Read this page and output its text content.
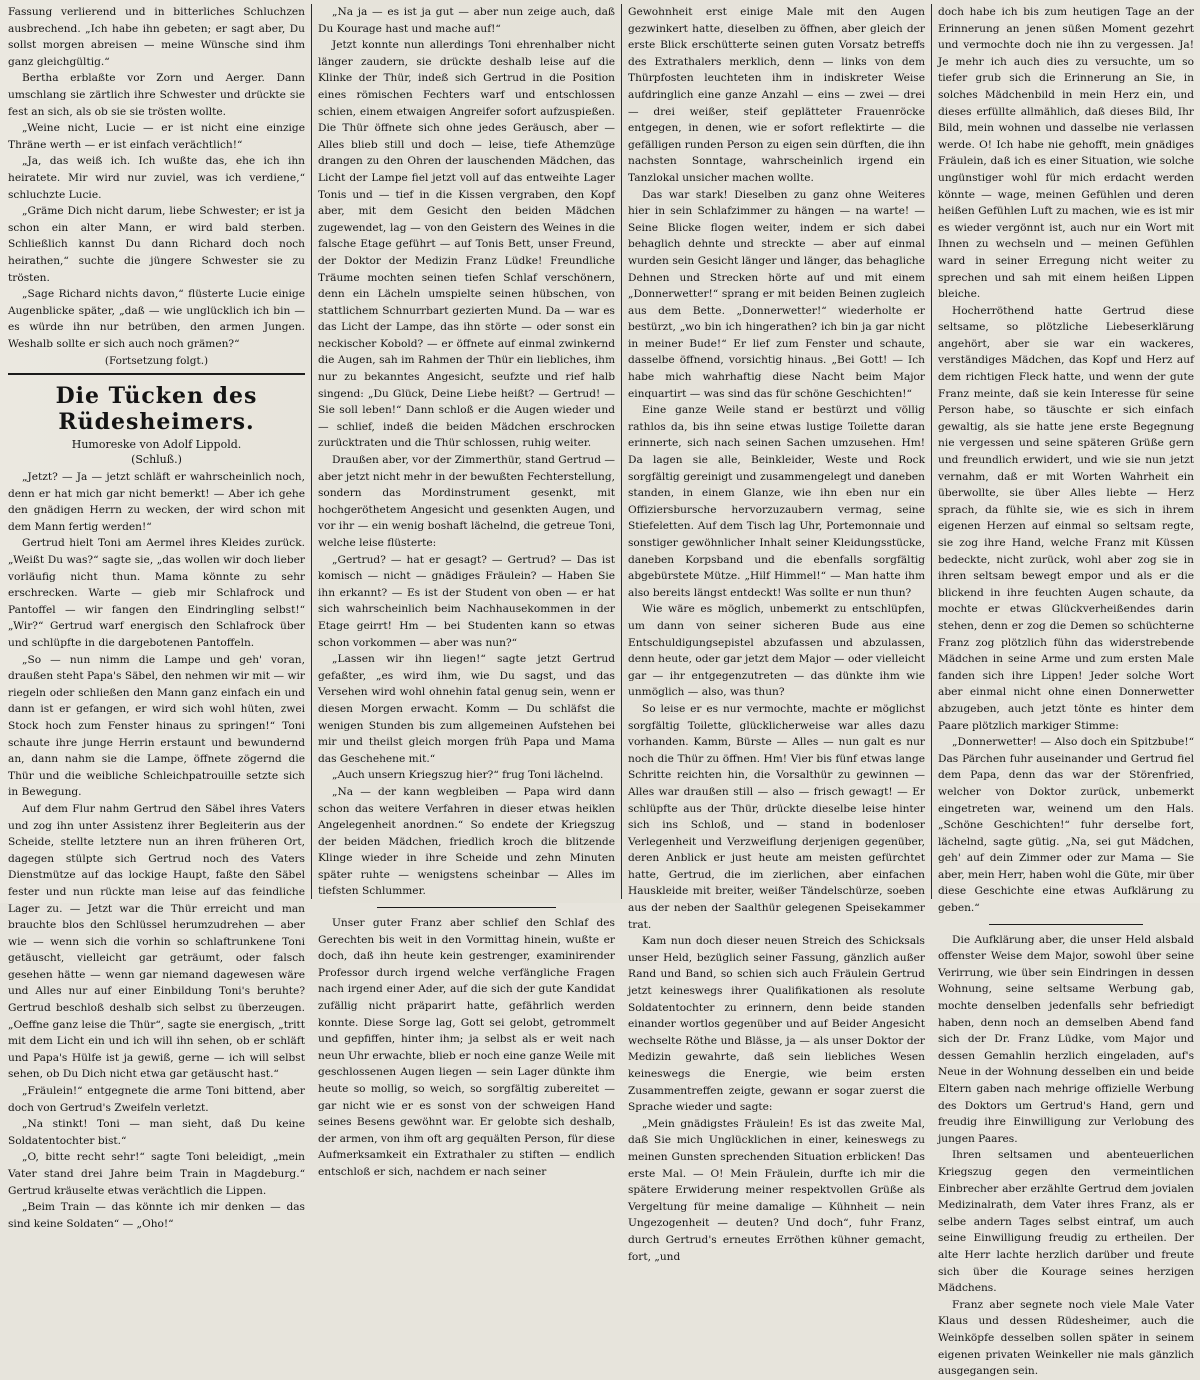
Fassung verlierend und in bitterliches Schluchzen ausbrechend. „Ich habe ihn gebeten; er sagt aber, Du sollst morgen abreisen — meine Wünsche sind ihm ganz gleichgültig.“

Bertha erblaßte vor Zorn und Aerger. Dann umschlang sie zärtlich ihre Schwester und drückte sie fest an sich, als ob sie sie trösten wollte.

„Weine nicht, Lucie — er ist nicht eine einzige Thräne werth — er ist einfach verächtlich!“

„Ja, das weiß ich. Ich wußte das, ehe ich ihn heiratete. Mir wird nur zuviel, was ich verdiene,“ schluchzte Lucie.

„Gräme Dich nicht darum, liebe Schwester; er ist ja schon ein alter Mann, er wird bald sterben. Schließlich kannst Du dann Richard doch noch heirathen,“ suchte die jüngere Schwester sie zu trösten.

„Sage Richard nichts davon,“ flüsterte Lucie einige Augenblicke später, „daß — wie unglücklich ich bin — es würde ihn nur betrüben, den armen Jungen. Weshalb sollte er sich auch noch grämen?“

(Fortsetzung folgt.)
Die Tücken des Rüdesheimers.
Humoreske von Adolf Lippold.
(Schluß.)

„Jetzt? — Ja — jetzt schläft er wahrscheinlich noch, denn er hat mich gar nicht bemerkt! — Aber ich gehe den gnädigen Herrn zu wecken, der wird schon mit dem Mann fertig werden!“

Gertrud hielt Toni am Aermel ihres Kleides zurück. „Weißt Du was?“ sagte sie, „das wollen wir doch lieber vorläufig nicht thun. Mama könnte zu sehr erschrecken. Warte — gieb mir Schlafrock und Pantoffel — wir fangen den Eindringling selbst!“ „Wir?“ Gertrud warf energisch den Schlafrock über und schlüpfte in die dargebotenen Pantoffeln.

„So — nun nimm die Lampe und geh' voran, draußen steht Papa's Säbel, den nehmen wir mit — wir riegeln oder schließen den Mann ganz einfach ein und dann ist er gefangen, er wird sich wohl hüten, zwei Stock hoch zum Fenster hinaus zu springen!“ Toni schaute ihre junge Herrin erstaunt und bewundernd an, dann nahm sie die Lampe, öffnete zögernd die Thür und die weibliche Schleichpatrouille setzte sich in Bewegung.

Auf dem Flur nahm Gertrud den Säbel ihres Vaters und zog ihn unter Assistenz ihrer Begleiterin aus der Scheide, stellte letztere nun an ihren früheren Ort, dagegen stülpte sich Gertrud noch des Vaters Dienstmütze auf das lockige Haupt, faßte den Säbel fester und nun rückte man leise auf das feindliche Lager zu. — Jetzt war die Thür erreicht und man brauchte blos den Schlüssel herumzudrehen — aber wie — wenn sich die vorhin so schlaftrunkene Toni getäuscht, vielleicht gar geträumt, oder falsch gesehen hätte — wenn gar niemand dagewesen wäre und Alles nur auf einer Einbildung Toni's beruhte? Gertrud beschloß deshalb sich selbst zu überzeugen. „Oeffne ganz leise die Thür“, sagte sie energisch, „tritt mit dem Licht ein und ich will ihn sehen, ob er schläft und Papa's Hülfe ist ja gewiß, gerne — ich will selbst sehen, ob Du Dich nicht etwa gar getäuscht hast.“

„Fräulein!“ entgegnete die arme Toni bittend, aber doch von Gertrud's Zweifeln verletzt.

„Na stinkt! Toni — man sieht, daß Du keine Soldatentochter bist.“

„O, bitte recht sehr!“ sagte Toni beleidigt, „mein Vater stand drei Jahre beim Train in Magdeburg.“ Gertrud kräuselte etwas verächtlich die Lippen.

„Beim Train — das könnte ich mir denken — das sind keine Soldaten“ — „Oho!“

„Na ja — es ist ja gut — aber nun zeige auch, daß Du Kourage hast und mache auf!“

Jetzt konnte nun allerdings Toni ehrenhalber nicht länger zaudern, sie drückte deshalb leise auf die Klinke der Thür, indeß sich Gertrud in die Position eines römischen Fechters warf und entschlossen schien, einem etwaigen Angreifer sofort aufzuspießen. Die Thür öffnete sich ohne jedes Geräusch, aber — Alles blieb still und doch — leise, tiefe Athemzüge drangen zu den Ohren der lauschenden Mädchen, das Licht der Lampe fiel jetzt voll auf das entweihte Lager Tonis und — tief in die Kissen vergraben, den Kopf aber, mit dem Gesicht den beiden Mädchen zugewendet, lag — von den Geistern des Weines in die falsche Etage geführt — auf Tonis Bett, unser Freund, der Doktor der Medizin Franz Lüdke! Freundliche Träume mochten seinen tiefen Schlaf verschönern, denn ein Lächeln umspielte seinen hübschen, von stattlichem Schnurrbart gezierten Mund. Da — war es das Licht der Lampe, das ihn störte — oder sonst ein neckischer Kobold? — er öffnete auf einmal zwinkernd die Augen, sah im Rahmen der Thür ein liebliches, ihm nur zu bekanntes Angesicht, seufzte und rief halb singend: „Du Glück, Deine Liebe heißt? — Gertrud! — Sie soll leben!“ Dann schloß er die Augen wieder und — schlief, indeß die beiden Mädchen erschrocken zurücktraten und die Thür schlossen, ruhig weiter.

Draußen aber, vor der Zimmerthür, stand Gertrud — aber jetzt nicht mehr in der bewußten Fechterstellung, sondern das Mordinstrument gesenkt, mit hochgeröthetem Angesicht und gesenkten Augen, und vor ihr — ein wenig boshaft lächelnd, die getreue Toni, welche leise flüsterte:

„Gertrud? — hat er gesagt? — Gertrud? — Das ist komisch — nicht — gnädiges Fräulein? — Haben Sie ihn erkannt? — Es ist der Student von oben — er hat sich wahrscheinlich beim Nachhausekommen in der Etage geirrt! Hm — bei Studenten kann so etwas schon vorkommen — aber was nun?“

„Lassen wir ihn liegen!“ sagte jetzt Gertrud gefaßter, „es wird ihm, wie Du sagst, und das Versehen wird wohl ohnehin fatal genug sein, wenn er diesen Morgen erwacht. Komm — Du schläfst die wenigen Stunden bis zum allgemeinen Aufstehen bei mir und theilst gleich morgen früh Papa und Mama das Geschehene mit.“

„Auch unsern Kriegszug hier?“ frug Toni lächelnd.

„Na — der kann wegbleiben — Papa wird dann schon das weitere Verfahren in dieser etwas heiklen Angelegenheit anordnen.“ So endete der Kriegszug der beiden Mädchen, friedlich kroch die blitzende Klinge wieder in ihre Scheide und zehn Minuten später ruhte — wenigstens scheinbar — Alles im tiefsten Schlummer.

Unser guter Franz aber schlief den Schlaf des Gerechten bis weit in den Vormittag hinein, wußte er doch, daß ihn heute kein gestrenger, examinirender Professor durch irgend welche verfängliche Fragen nach irgend einer Ader, auf die sich der gute Kandidat zufällig nicht präparirt hatte, gefährlich werden konnte. Diese Sorge lag, Gott sei gelobt, getrommelt und gepfiffen, hinter ihm; ja selbst als er weit nach neun Uhr erwachte, blieb er noch eine ganze Weile mit geschlossenen Augen liegen — sein Lager dünkte ihm heute so mollig, so weich, so sorgfältig zubereitet — gar nicht wie er es sonst von der schweigen Hand seines Besens gewöhnt war. Er gelobte sich deshalb, der armen, von ihm oft arg gequälten Person, für diese Aufmerksamkeit ein Extrathaler zu stiften — endlich entschloß er sich, nachdem er nach seiner

Gewohnheit erst einige Male mit den Augen gezwinkert hatte, dieselben zu öffnen, aber gleich der erste Blick erschütterte seinen guten Vorsatz betreffs des Extrathalers merklich, denn — links von dem Thürpfosten leuchteten ihm in indiskreter Weise aufdringlich eine ganze Anzahl — eins — zwei — drei — drei weißer, steif geplätteter Frauenröcke entgegen, in denen, wie er sofort reflektirte — die gefälligen runden Person zu eigen sein dürften, die ihn nachsten Sonntage, wahrscheinlich irgend ein Tanzlokal unsicher machen wollte.

Das war stark! Dieselben zu ganz ohne Weiteres hier in sein Schlafzimmer zu hängen — na warte! — Seine Blicke flogen weiter, indem er sich dabei behaglich dehnte und streckte — aber auf einmal wurden sein Gesicht länger und länger, das behagliche Dehnen und Strecken hörte auf und mit einem „Donnerwetter!“ sprang er mit beiden Beinen zugleich aus dem Bette. „Donnerwetter!“ wiederholte er bestürzt, „wo bin ich hingerathen? ich bin ja gar nicht in meiner Bude!“ Er lief zum Fenster und schaute, dasselbe öffnend, vorsichtig hinaus. „Bei Gott! — Ich habe mich wahrhaftig diese Nacht beim Major einquartirt — was sind das für schöne Geschichten!“

Eine ganze Weile stand er bestürzt und völlig rathlos da, bis ihn seine etwas lustige Toilette daran erinnerte, sich nach seinen Sachen umzusehen. Hm! Da lagen sie alle, Beinkleider, Weste und Rock sorgfältig gereinigt und zusammengelegt und daneben standen, in einem Glanze, wie ihn eben nur ein Offiziersbursche hervorzuzaubern vermag, seine Stiefeletten. Auf dem Tisch lag Uhr, Portemonnaie und sonstiger gewöhnlicher Inhalt seiner Kleidungsstücke, daneben Korpsband und die ebenfalls sorgfältig abgebürstete Mütze. „Hilf Himmel!“ — Man hatte ihm also bereits längst entdeckt! Was sollte er nun thun?

Wie wäre es möglich, unbemerkt zu entschlüpfen, um dann von seiner sicheren Bude aus eine Entschuldigungsepistel abzufassen und abzulassen, denn heute, oder gar jetzt dem Major — oder vielleicht gar — ihr entgegenzutreten — das dünkte ihm wie unmöglich — also, was thun?

So leise er es nur vermochte, machte er möglichst sorgfältig Toilette, glücklicherweise war alles dazu vorhanden. Kamm, Bürste — Alles — nun galt es nur noch die Thür zu öffnen. Hm! Vier bis fünf etwas lange Schritte reichten hin, die Vorsalthür zu gewinnen — Alles war draußen still — also — frisch gewagt! — Er schlüpfte aus der Thür, drückte dieselbe leise hinter sich ins Schloß, und — stand in bodenloser Verlegenheit und Verzweiflung derjenigen gegenüber, deren Anblick er just heute am meisten gefürchtet hatte, Gertrud, die im zierlichen, aber einfachen Hauskleide mit breiter, weißer Tändelschürze, soeben aus der neben der Saalthür gelegenen Speisekammer trat.

Kam nun doch dieser neuen Streich des Schicksals unser Held, bezüglich seiner Fassung, gänzlich außer Rand und Band, so schien sich auch Fräulein Gertrud jetzt keineswegs ihrer Qualifikationen als resolute Soldatentochter zu erinnern, denn beide standen einander wortlos gegenüber und auf Beider Angesicht wechselte Röthe und Blässe, ja — als unser Doktor der Medizin gewahrte, daß sein liebliches Wesen keineswegs die Energie, wie beim ersten Zusammentreffen zeigte, gewann er sogar zuerst die Sprache wieder und sagte:

„Mein gnädigstes Fräulein! Es ist das zweite Mal, daß Sie mich Unglücklichen in einer, keineswegs zu meinen Gunsten sprechenden Situation erblicken! Das erste Mal. — O! Mein Fräulein, durfte ich mir die spätere Erwiderung meiner respektvollen Grüße als Vergeltung für meine damalige — Kühnheit — nein Ungezogenheit — deuten? Und doch“, fuhr Franz, durch Gertrud's erneutes Erröthen kühner gemacht, fort, „und

doch habe ich bis zum heutigen Tage an der Erinnerung an jenen süßen Moment gezehrt und vermochte doch nie ihn zu vergessen. Ja! Je mehr ich auch dies zu versuchte, um so tiefer grub sich die Erinnerung an Sie, in solches Mädchenbild in mein Herz ein, und dieses erfüllte allmählich, daß dieses Bild, Ihr Bild, mein wohnen und dasselbe nie verlassen werde. O! Ich habe nie gehofft, mein gnädiges Fräulein, daß ich es einer Situation, wie solche ungünstiger wohl für mich erdacht werden könnte — wage, meinen Gefühlen und deren heißen Gefühlen Luft zu machen, wie es ist mir es wieder vergönnt ist, auch nur ein Wort mit Ihnen zu wechseln und — meinen Gefühlen ward in seiner Erregung nicht weiter zu sprechen und sah mit einem heißen Lippen bleiche.

Hocherröthend hatte Gertrud diese seltsame, so plötzliche Liebeserklärung angehört, aber sie war ein wackeres, verständiges Mädchen, das Kopf und Herz auf dem richtigen Fleck hatte, und wenn der gute Franz meinte, daß sie kein Interesse für seine Person habe, so täuschte er sich einfach gewaltig, als sie hatte jene erste Begegnung nie vergessen und seine späteren Grüße gern und freundlich erwidert, und wie sie nun jetzt vernahm, daß er mit Worten Wahrheit ein überwollte, sie über Alles liebte — Herz sprach, da fühlte sie, wie es sich in ihrem eigenen Herzen auf einmal so seltsam regte, sie zog ihre Hand, welche Franz mit Küssen bedeckte, nicht zurück, wohl aber zog sie in ihren seltsam bewegt empor und als er die blickend in ihre feuchten Augen schaute, da mochte er etwas Glückverheißendes darin stehen, denn er zog die Demen so schüchterne Franz zog plötzlich fühn das widerstrebende Mädchen in seine Arme und zum ersten Male fanden sich ihre Lippen! Jeder solche Wort aber einmal nicht ohne einen Donnerwetter abzugeben, auch jetzt tönte es hinter dem Paare plötzlich markiger Stimme:

„Donnerwetter! — Also doch ein Spitzbube!“ Das Pärchen fuhr auseinander und Gertrud fiel dem Papa, denn das war der Störenfried, welcher von Doktor zurück, unbemerkt eingetreten war, weinend um den Hals. „Schöne Geschichten!“ fuhr derselbe fort, lächelnd, sagte gütig. „Na, sei gut Mädchen, geh' auf dein Zimmer oder zur Mama — Sie aber, mein Herr, haben wohl die Güte, mir über diese Geschichte eine etwas Aufklärung zu geben.“

Die Aufklärung aber, die unser Held alsbald offenster Weise dem Major, sowohl über seine Verirrung, wie über sein Eindringen in dessen Wohnung, seine seltsame Werbung gab, mochte denselben jedenfalls sehr befriedigt haben, denn noch an demselben Abend fand sich der Dr. Franz Lüdke, vom Major und dessen Gemahlin herzlich eingeladen, auf's Neue in der Wohnung desselben ein und beide Eltern gaben nach mehrige offizielle Werbung des Doktors um Gertrud's Hand, gern und freudig ihre Einwilligung zur Verlobung des jungen Paares.

Ihren seltsamen und abenteuerlichen Kriegszug gegen den vermeintlichen Einbrecher aber erzählte Gertrud dem jovialen Medizinalrath, dem Vater ihres Franz, als er selbe andern Tages selbst eintraf, um auch seine Einwilligung freudig zu ertheilen. Der alte Herr lachte herzlich darüber und freute sich über die Kourage seines herzigen Mädchens.

Franz aber segnete noch viele Male Vater Klaus und dessen Rüdesheimer, auch die Weinköpfe desselben sollen später in seinem eigenen privaten Weinkeller nie mals gänzlich ausgegangen sein.
